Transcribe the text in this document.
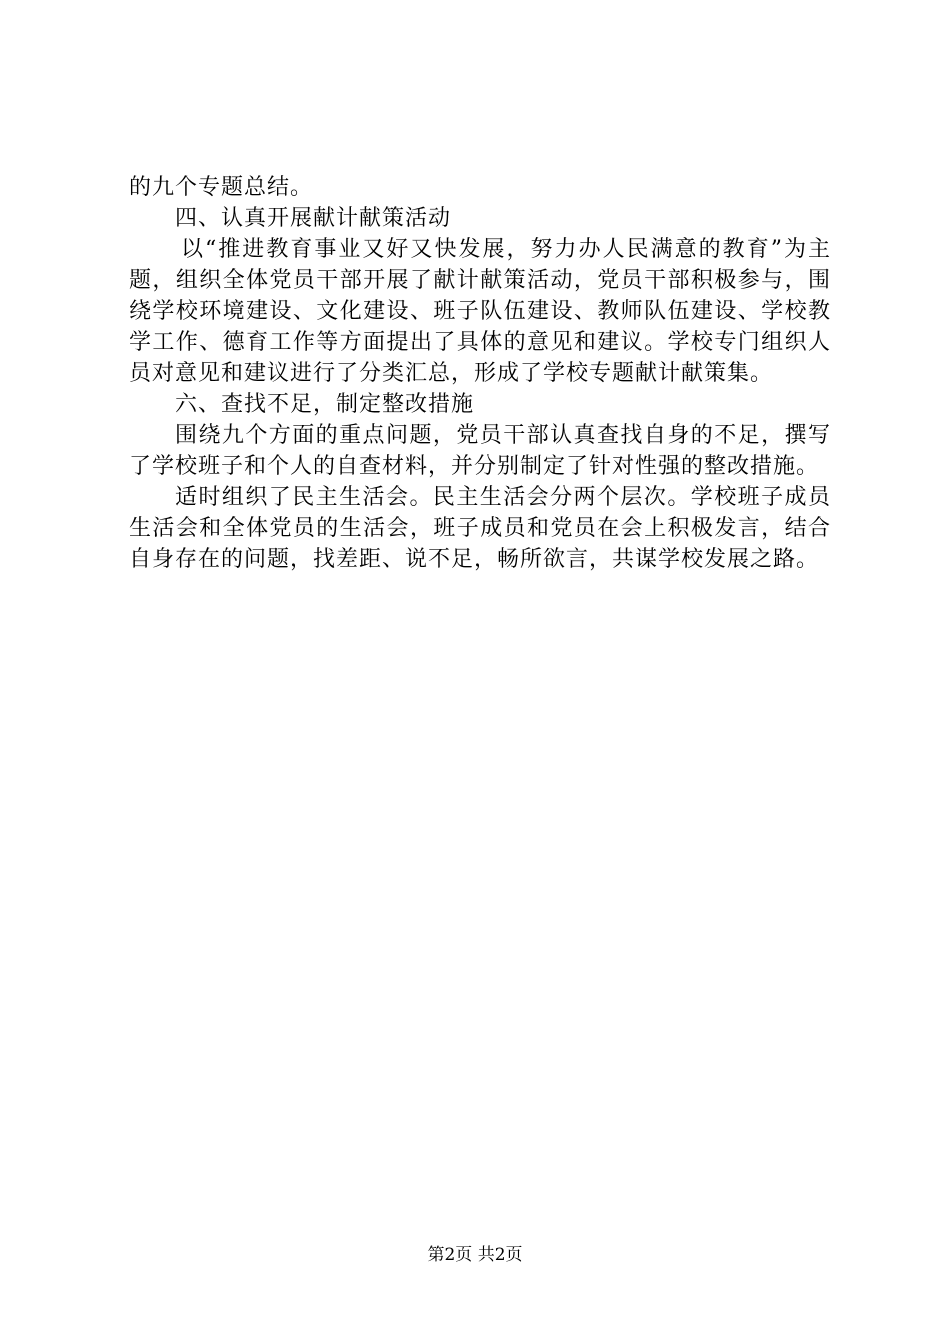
的九个专题总结。

四、认真开展献计献策活动

以“推进教育事业又好又快发展，努力办人民满意的教育”为主题，组织全体党员干部开展了献计献策活动，党员干部积极参与，围绕学校环境建设、文化建设、班子队伍建设、教师队伍建设、学校教学工作、德育工作等方面提出了具体的意见和建议。学校专门组织人员对意见和建议进行了分类汇总，形成了学校专题献计献策集。

六、查找不足，制定整改措施

围绕九个方面的重点问题，党员干部认真查找自身的不足，撰写了学校班子和个人的自查材料，并分别制定了针对性强的整改措施。

适时组织了民主生活会。民主生活会分两个层次。学校班子成员生活会和全体党员的生活会，班子成员和党员在会上积极发言，结合自身存在的问题，找差距、说不足，畅所欲言，共谋学校发展之路。

第2页 共2页
